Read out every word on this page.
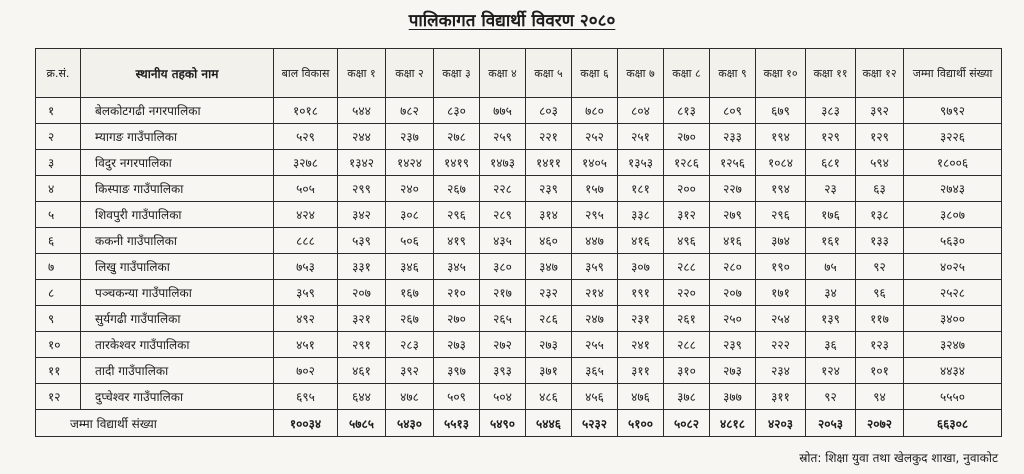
पालिकागत विद्यार्थी विवरण २०८०
क्र.सं.	स्थानीय तहको नाम	बाल विकास	कक्षा १	कक्षा २	कक्षा ३	कक्षा ४	कक्षा ५	कक्षा ६	कक्षा ७	कक्षा ८	कक्षा ९	कक्षा १०	कक्षा ११	कक्षा १२	जम्मा विद्यार्थी संख्या
१	बेलकोटगढी नगरपालिका	१०१८	५४४	७८२	८३०	७७५	८०३	७८०	८०४	८१३	८०९	६७९	३८३	३९२	९७९२
२	म्यागङ गाउँपालिका	५२९	२४४	२३७	२७८	२५९	२२१	२५२	२५१	२७०	२३३	१९४	१२९	१२९	३२२६
३	विदुर नगरपालिका	३२७८	१३४२	१४२४	१४१९	१४७३	१४११	१४०५	१३५३	१२८६	१२५६	१०८४	६८१	५९४	१८००६
४	किस्पाङ गाउँपालिका	५०५	२९९	२४०	२६७	२२८	२३९	१५७	१८१	२००	२२७	१९४	२३	६३	२७४३
५	शिवपुरी गाउँपालिका	४२४	३४२	३०८	२९६	२८९	३१४	२९५	३३८	३१२	२७९	२९६	१७६	१३८	३८०७
६	ककनी गाउँपालिका	८८८	५३९	५०६	४१९	४३५	४६०	४४७	४१६	४९६	४१६	३७४	१६१	१३३	५६३०
७	लिखु गाउँपालिका	७५३	३३१	३४६	३४५	३८०	३४७	३५९	३०७	२८८	२८०	१९०	७५	९२	४०२५
८	पञ्चकन्या गाउँपालिका	३५९	२०७	१६७	२१०	२१७	२३२	२१४	१९१	२२०	२०७	१७१	३४	९६	२५२८
९	सुर्यगढी गाउँपालिका	४९२	३२१	२६७	२७०	२६५	२८६	२४७	२३१	२६१	२५०	२५४	१३९	११७	३४००
१०	तारकेश्वर गाउँपालिका	४५१	२९१	२८३	२७३	२७२	२७३	२५५	२४१	२८८	२३९	२२२	३६	१२३	३२४७
११	तादी गाउँपालिका	७०२	४६१	३९२	३९७	३९३	३७१	३६५	३११	३१०	२७३	२३४	१२४	१०१	४४३४
१२	दुप्चेश्वर गाउँपालिका	६९५	६४४	४७८	५०९	५०४	४८६	४५६	४७६	३७८	३७७	३११	९२	९४	५५५०
जम्मा विद्यार्थी संख्या		१००३४	५७८५	५४३०	५५१३	५४९०	५४४६	५२३२	५१००	५०८२	४८१८	४२०३	२०५३	२०७२	६६३०८
स्रोत: शिक्षा युवा तथा खेलकुद शाखा, नुवाकोट
